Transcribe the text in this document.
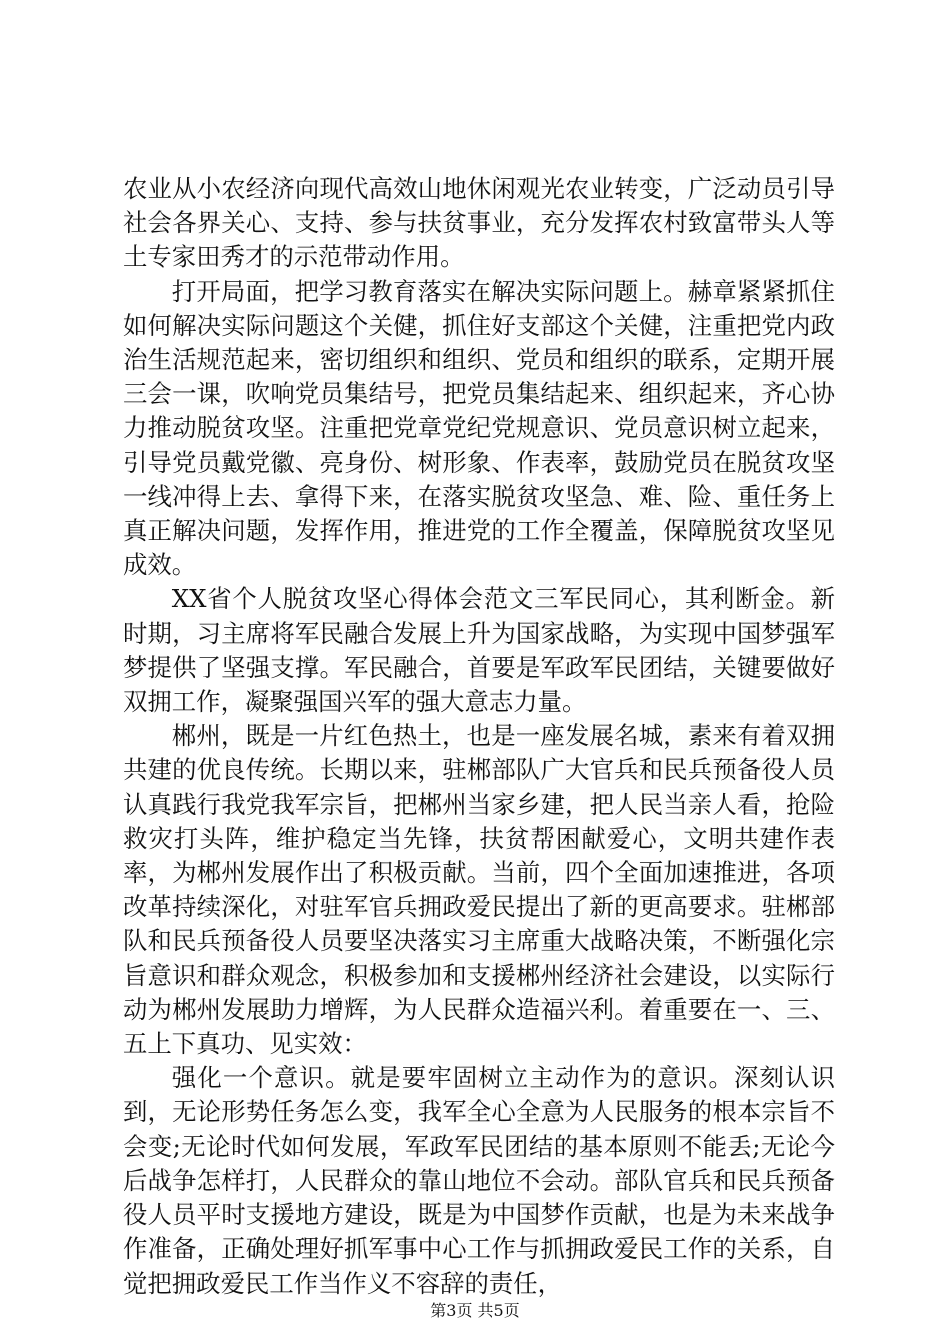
农业从小农经济向现代高效山地休闲观光农业转变，广泛动员引导社会各界关心、支持、参与扶贫事业，充分发挥农村致富带头人等土专家田秀才的示范带动作用。

打开局面，把学习教育落实在解决实际问题上。赫章紧紧抓住如何解决实际问题这个关健，抓住好支部这个关健，注重把党内政治生活规范起来，密切组织和组织、党员和组织的联系，定期开展三会一课，吹响党员集结号，把党员集结起来、组织起来，齐心协力推动脱贫攻坚。注重把党章党纪党规意识、党员意识树立起来，引导党员戴党徽、亮身份、树形象、作表率，鼓励党员在脱贫攻坚一线冲得上去、拿得下来，在落实脱贫攻坚急、难、险、重任务上真正解决问题，发挥作用，推进党的工作全覆盖，保障脱贫攻坚见成效。

XX省个人脱贫攻坚心得体会范文三军民同心，其利断金。新时期，习主席将军民融合发展上升为国家战略，为实现中国梦强军梦提供了坚强支撑。军民融合，首要是军政军民团结，关键要做好双拥工作，凝聚强国兴军的强大意志力量。

郴州，既是一片红色热土，也是一座发展名城，素来有着双拥共建的优良传统。长期以来，驻郴部队广大官兵和民兵预备役人员认真践行我党我军宗旨，把郴州当家乡建，把人民当亲人看，抢险救灾打头阵，维护稳定当先锋，扶贫帮困献爱心，文明共建作表率，为郴州发展作出了积极贡献。当前，四个全面加速推进，各项改革持续深化，对驻军官兵拥政爱民提出了新的更高要求。驻郴部队和民兵预备役人员要坚决落实习主席重大战略决策，不断强化宗旨意识和群众观念，积极参加和支援郴州经济社会建设，以实际行动为郴州发展助力增辉，为人民群众造福兴利。着重要在一、三、五上下真功、见实效：

强化一个意识。就是要牢固树立主动作为的意识。深刻认识到，无论形势任务怎么变，我军全心全意为人民服务的根本宗旨不会变;无论时代如何发展，军政军民团结的基本原则不能丢;无论今后战争怎样打，人民群众的靠山地位不会动。部队官兵和民兵预备役人员平时支援地方建设，既是为中国梦作贡献，也是为未来战争作准备，正确处理好抓军事中心工作与抓拥政爱民工作的关系，自觉把拥政爱民工作当作义不容辞的责任，

第3页 共5页
